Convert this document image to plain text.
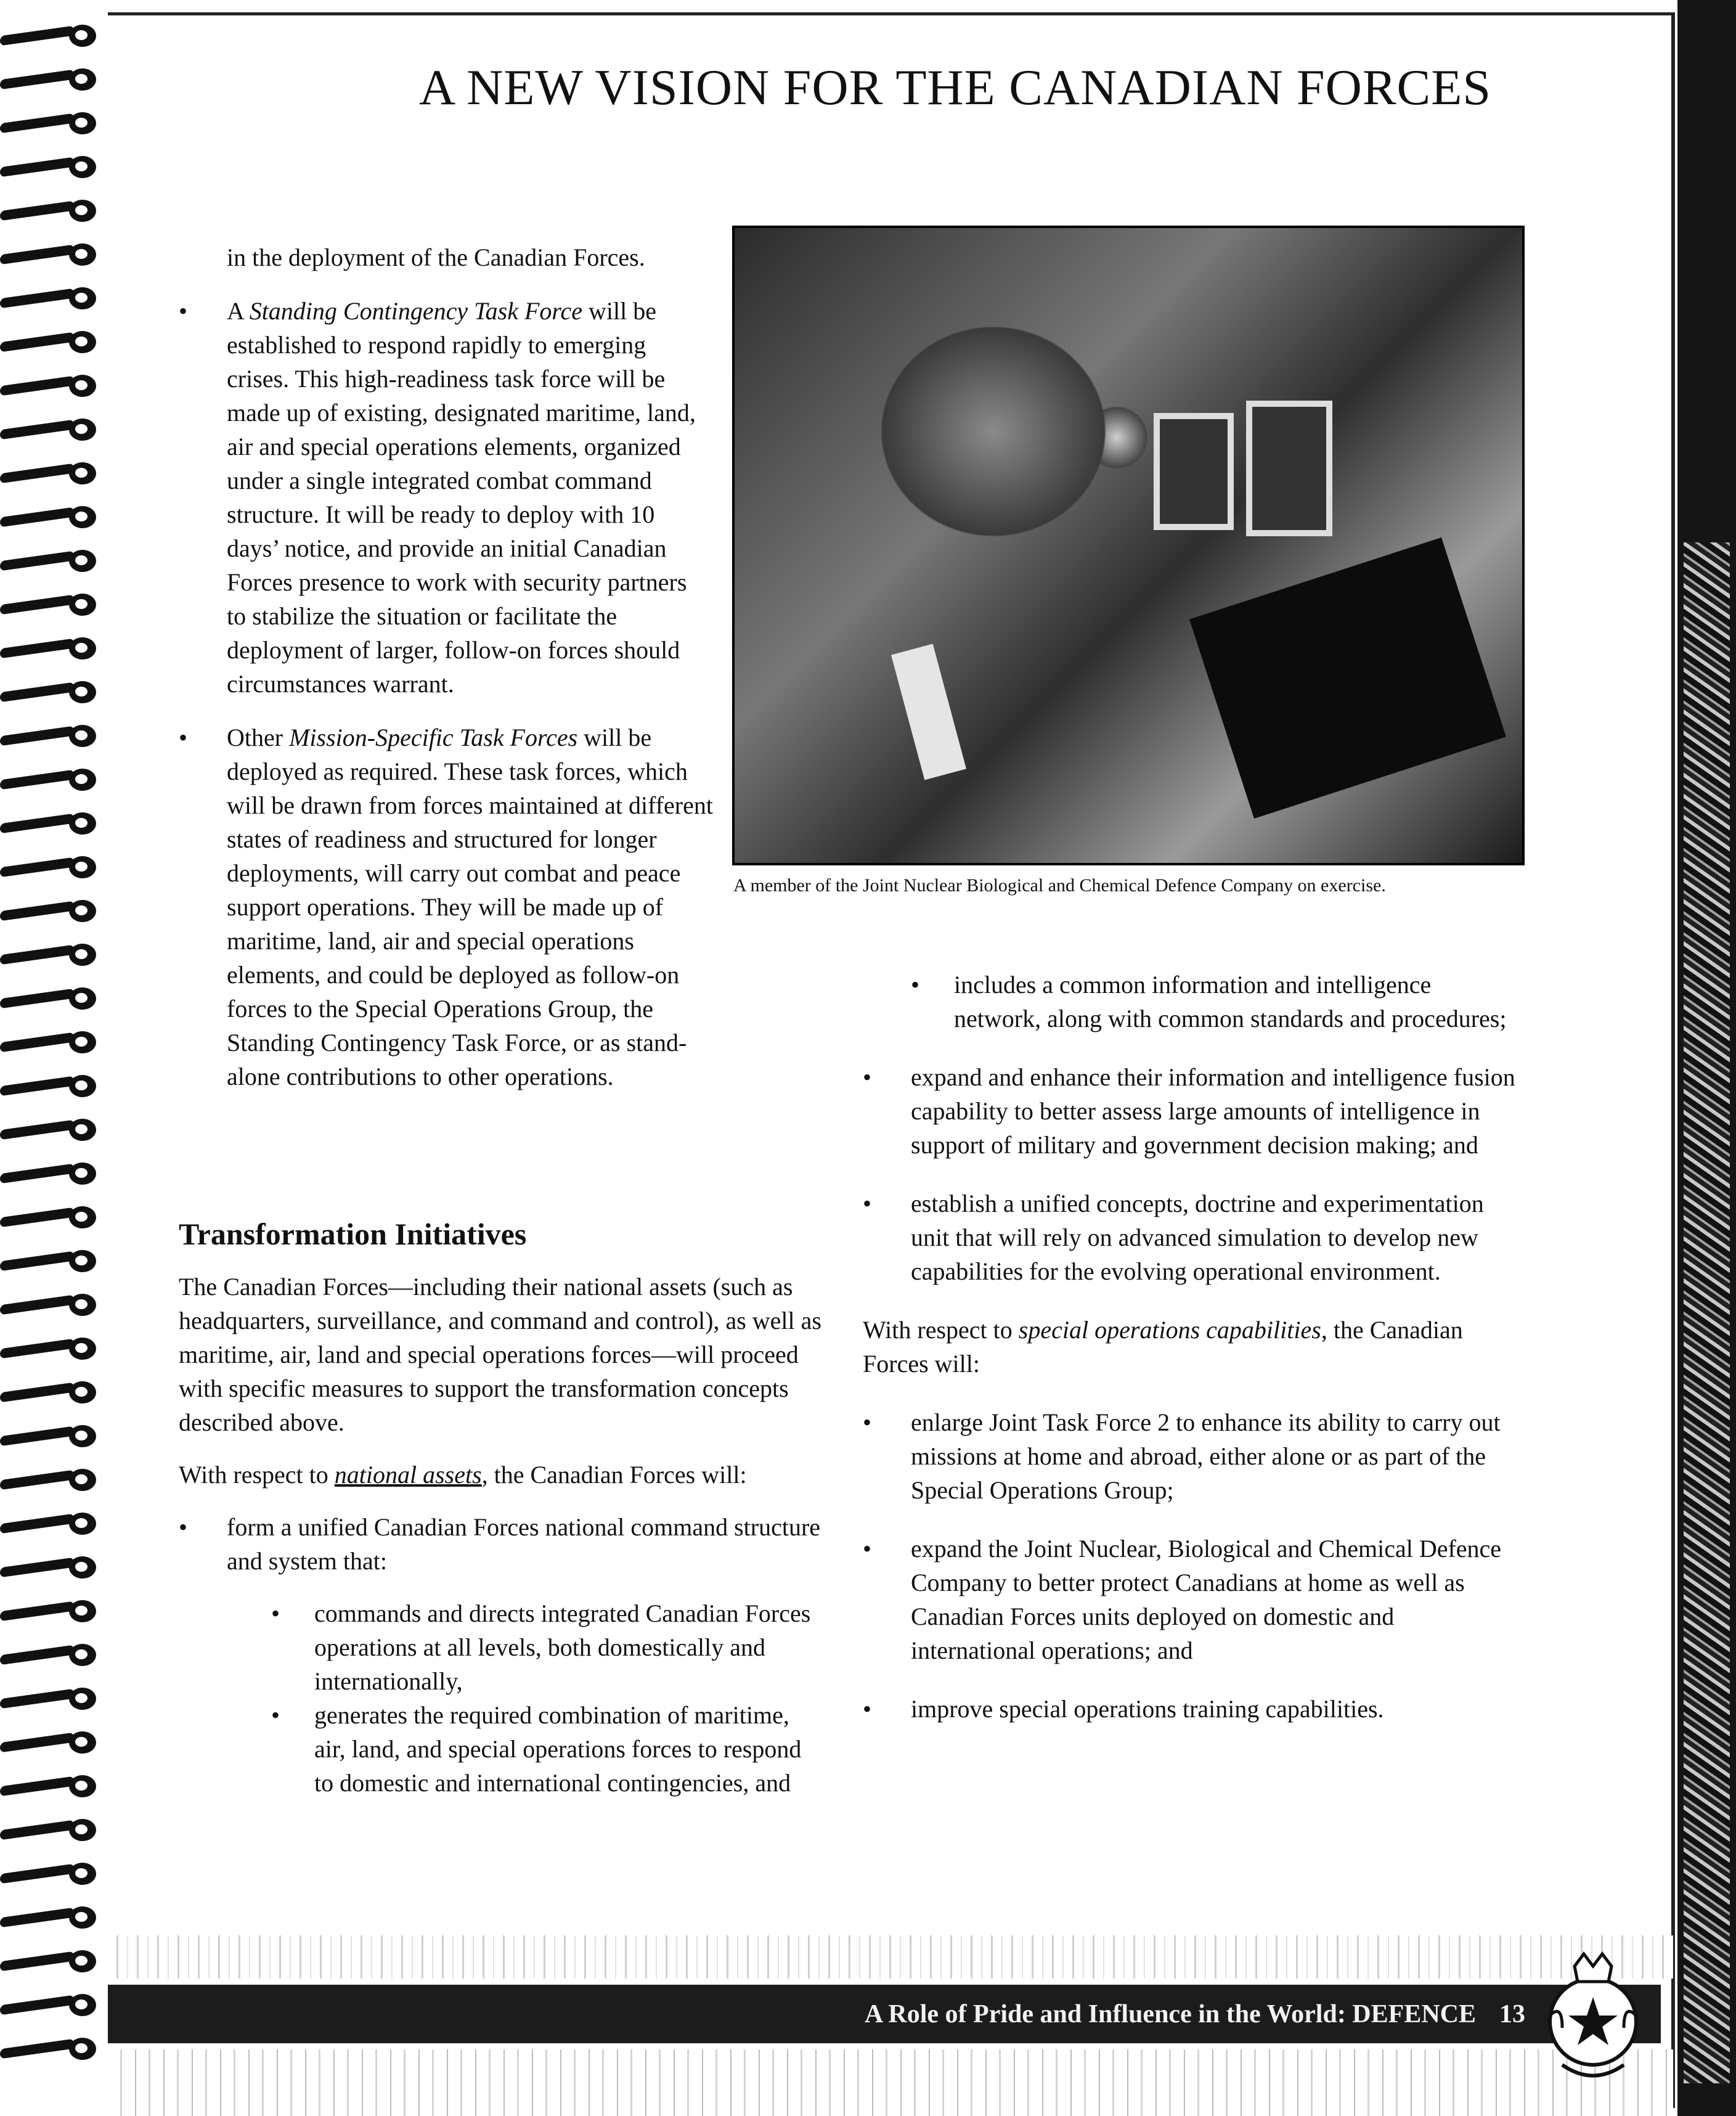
A NEW VISION FOR THE CANADIAN FORCES

in the deployment of the Canadian Forces.

• A Standing Contingency Task Force will be established to respond rapidly to emerging crises. This high-readiness task force will be made up of existing, designated maritime, land, air and special operations elements, organized under a single integrated combat command structure. It will be ready to deploy with 10 days’ notice, and provide an initial Canadian Forces presence to work with security partners to stabilize the situation or facilitate the deployment of larger, follow-on forces should circumstances warrant.

• Other Mission-Specific Task Forces will be deployed as required. These task forces, which will be drawn from forces maintained at different states of readiness and structured for longer deployments, will carry out combat and peace support operations. They will be made up of maritime, land, air and special operations elements, and could be deployed as follow-on forces to the Special Operations Group, the Standing Contingency Task Force, or as stand-alone contributions to other operations.

Transformation Initiatives

The Canadian Forces—including their national assets (such as headquarters, surveillance, and command and control), as well as maritime, air, land and special operations forces—will proceed with specific measures to support the transformation concepts described above.

With respect to national assets, the Canadian Forces will:

• form a unified Canadian Forces national command structure and system that:

• commands and directs integrated Canadian Forces operations at all levels, both domestically and internationally,

• generates the required combination of maritime, air, land, and special operations forces to respond to domestic and international contingencies, and

A member of the Joint Nuclear Biological and Chemical Defence Company on exercise.

• includes a common information and intelligence network, along with common standards and procedures;

• expand and enhance their information and intelligence fusion capability to better assess large amounts of intelligence in support of military and government decision making; and

• establish a unified concepts, doctrine and experimentation unit that will rely on advanced simulation to develop new capabilities for the evolving operational environment.

With respect to special operations capabilities, the Canadian Forces will:

• enlarge Joint Task Force 2 to enhance its ability to carry out missions at home and abroad, either alone or as part of the Special Operations Group;

• expand the Joint Nuclear, Biological and Chemical Defence Company to better protect Canadians at home as well as Canadian Forces units deployed on domestic and international operations; and

• improve special operations training capabilities.

A Role of Pride and Influence in the World: DEFENCE 13
